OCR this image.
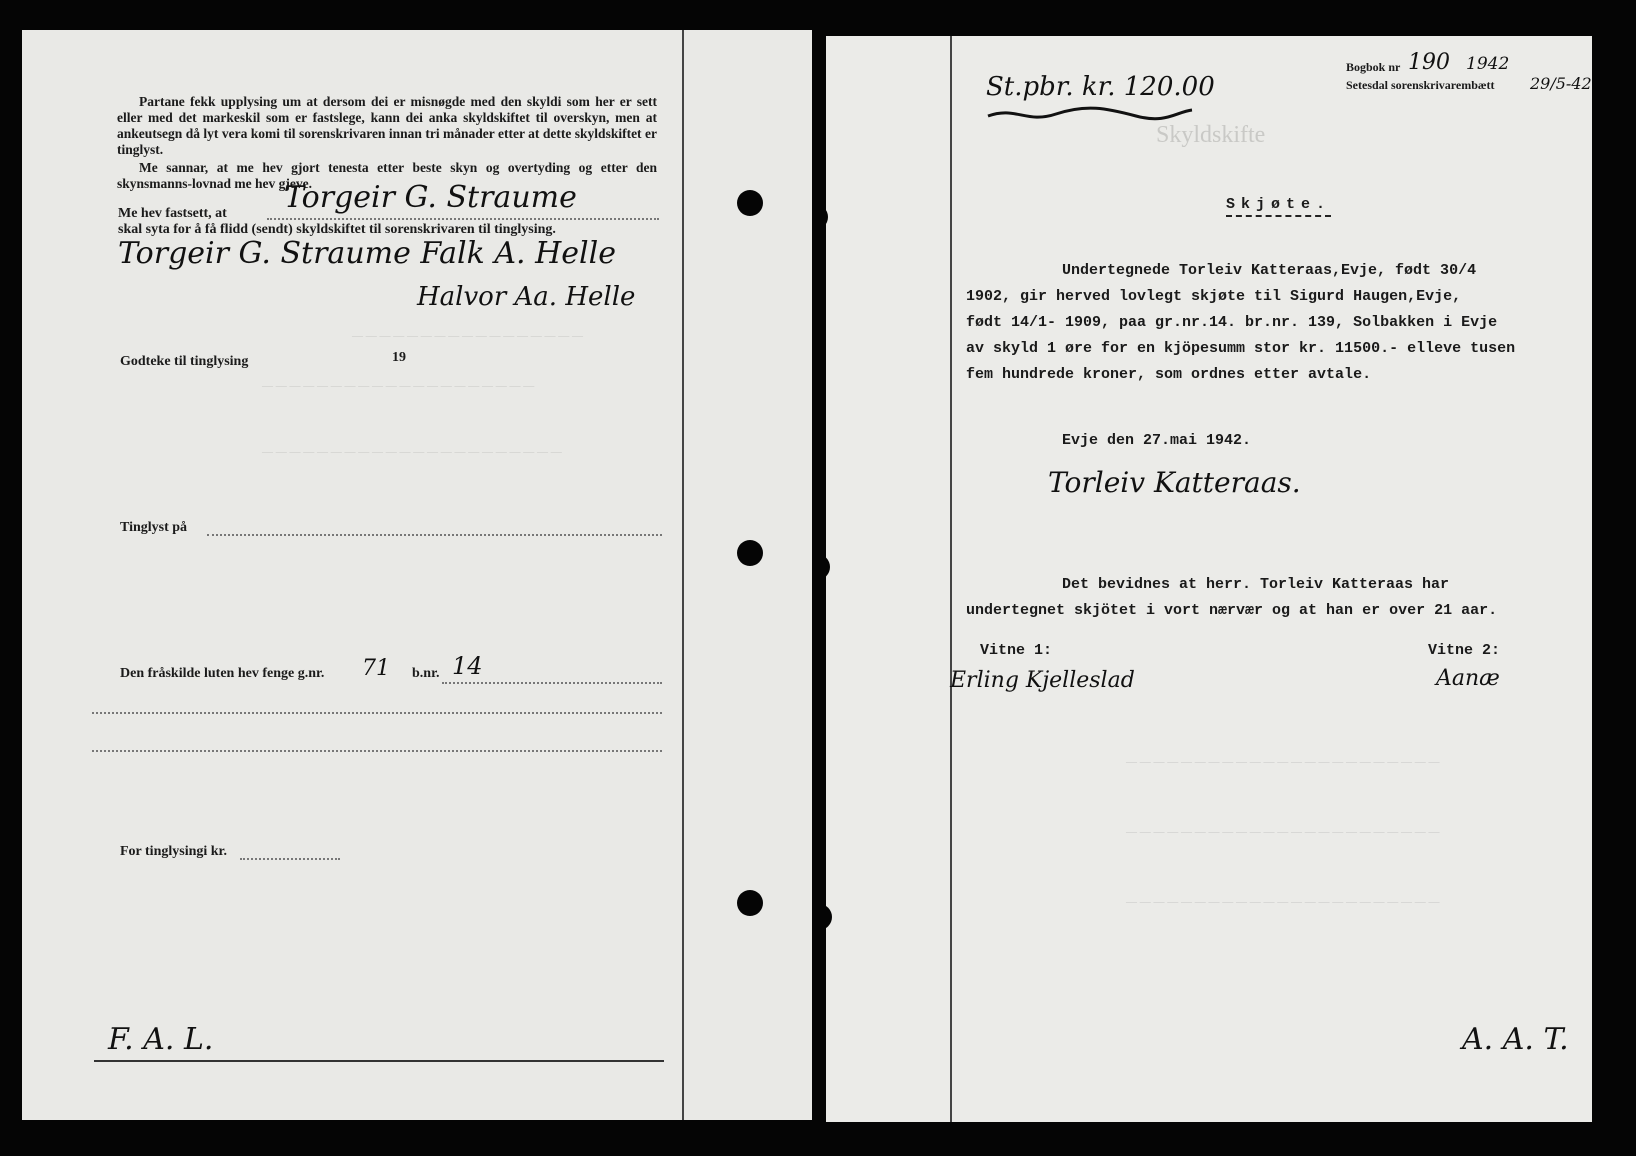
Partane fekk upplysing um at dersom dei er misnøgde med den skyldi som her er sett eller med det markeskil som er fastslege, kann dei anka skyldskiftet til overskyn, men at ankeutsegn då lyt vera komi til sorenskrivaren innan tri månader etter at dette skyldskiftet er tinglyst.
Me sannar, at me hev gjort tenesta etter beste skyn og overtyding og etter den skynsmanns-lovnad me hev gjeve.
Me hev fastsett, at Torgeir G. Straume
skal syta for å få flidd (sendt) skyldskiftet til sorenskrivaren til tinglysing.
Torgeir G. Straume Falk A. Helle
Halvor Aa. Helle
Godteke til tinglysing	19
— — — — — — — — — — — — — — — — —
— — — — — — — — — — — — — — — — — — — —
— — — — — — — — — — — — — — — — — — — — — —
Tinglyst på
Den fråskilde luten hev fenge g.nr. 71 b.nr. 14
For tinglysingi kr.
F. A. L.
St.pbr. kr. 120.00
Bogbok nr 190 1942
Setesdal sorenskrivarembætt 29/5-42
Skyldskifte
Skjøte.
Undertegnede Torleiv Katteraas,Evje, født 30/4
1902, gir herved lovlegt skjøte til Sigurd Haugen,Evje,
født 14/1- 1909, paa gr.nr.14. br.nr. 139, Solbakken i Evje
av skyld 1 øre for en kjöpesumm stor kr. 11500.- elleve tusen
fem hundrede kroner, som ordnes etter avtale.
Evje den 27.mai 1942.
Torleiv Katteraas.
Det bevidnes at herr. Torleiv Katteraas har
undertegnet skjötet i vort nærvær og at han er over 21 aar.
Vitne 1:
Erling Kjelleslad
Vitne 2:
Aanæ
— — — — — — — — — — — — — — — — — — — — — — —
— — — — — — — — — — — — — — — — — — — — — — —
— — — — — — — — — — — — — — — — — — — — — — —
A. A. T.
